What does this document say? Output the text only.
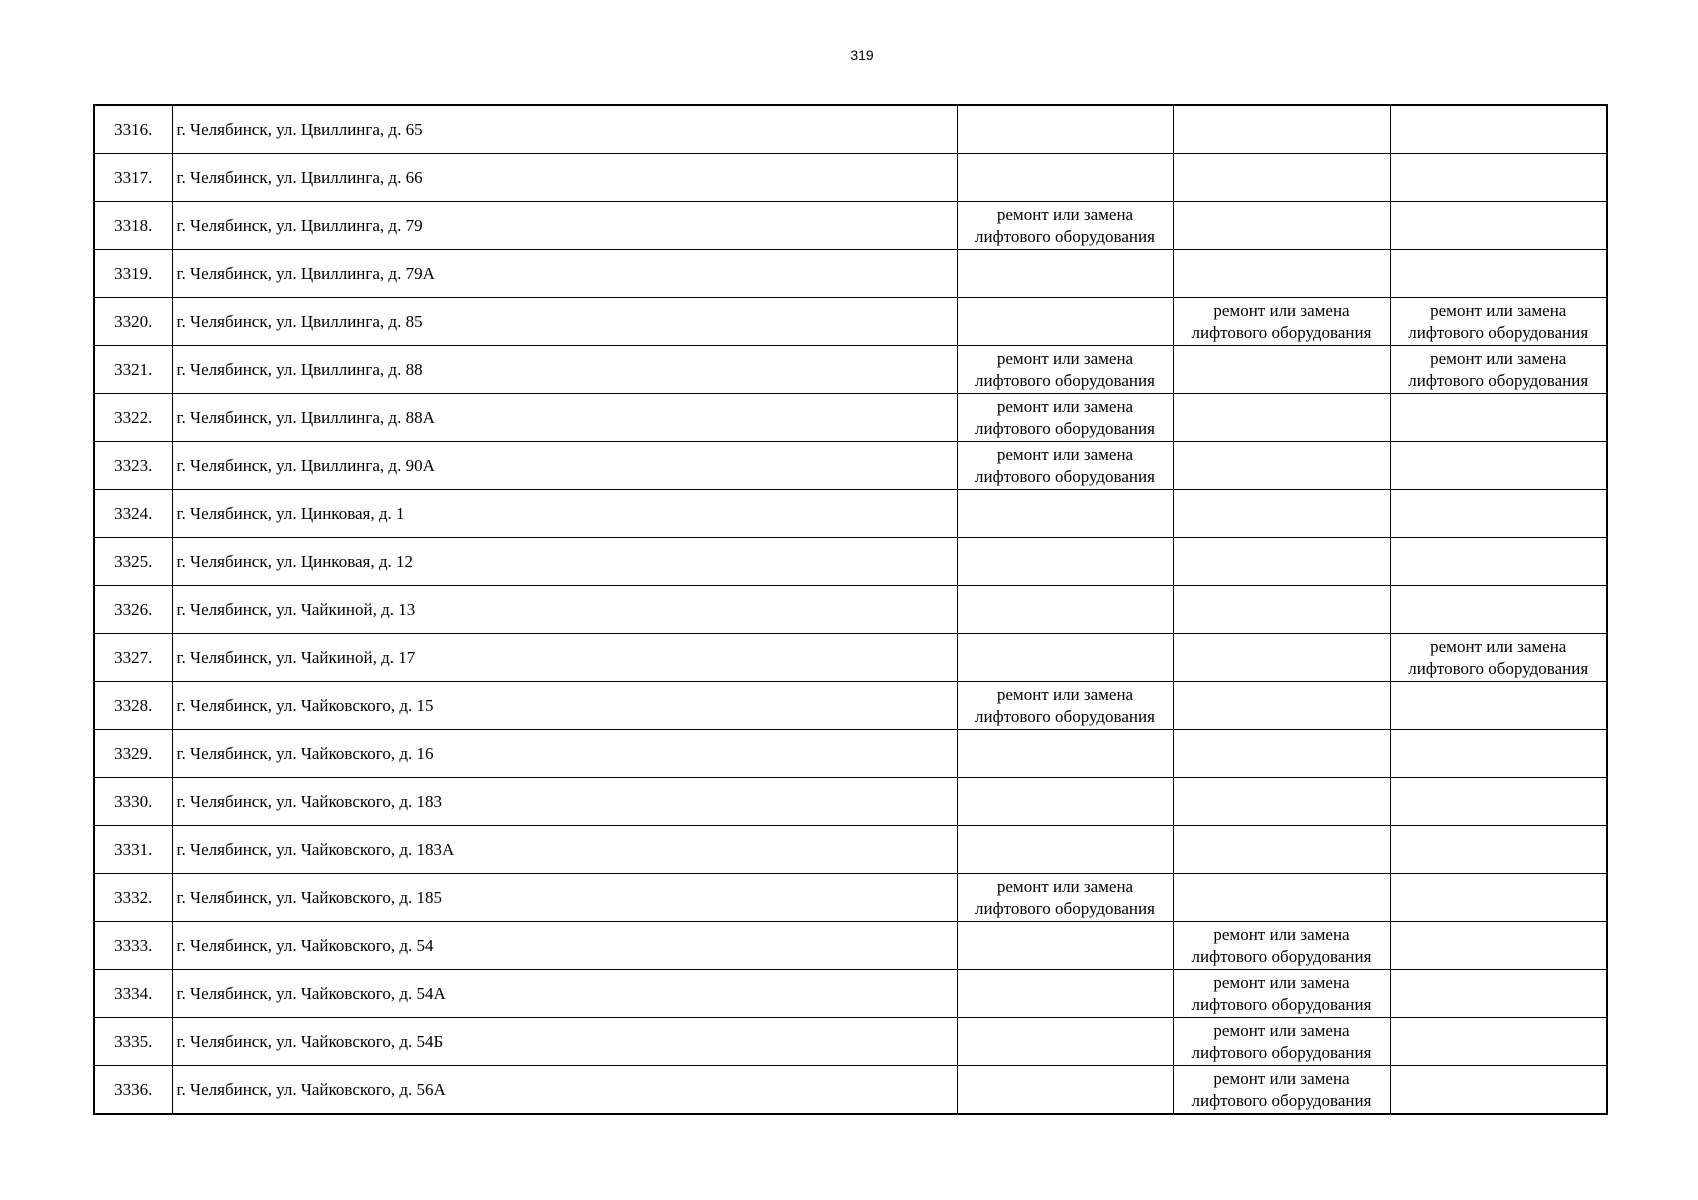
319
3316.	г. Челябинск, ул. Цвиллинга, д. 65			
3317.	г. Челябинск, ул. Цвиллинга, д. 66			
3318.	г. Челябинск, ул. Цвиллинга, д. 79	ремонт или замена лифтового оборудования		
3319.	г. Челябинск, ул. Цвиллинга, д. 79А			
3320.	г. Челябинск, ул. Цвиллинга, д. 85		ремонт или замена лифтового оборудования	ремонт или замена лифтового оборудования
3321.	г. Челябинск, ул. Цвиллинга, д. 88	ремонт или замена лифтового оборудования		ремонт или замена лифтового оборудования
3322.	г. Челябинск, ул. Цвиллинга, д. 88А	ремонт или замена лифтового оборудования		
3323.	г. Челябинск, ул. Цвиллинга, д. 90А	ремонт или замена лифтового оборудования		
3324.	г. Челябинск, ул. Цинковая, д. 1			
3325.	г. Челябинск, ул. Цинковая, д. 12			
3326.	г. Челябинск, ул. Чайкиной, д. 13			
3327.	г. Челябинск, ул. Чайкиной, д. 17			ремонт или замена лифтового оборудования
3328.	г. Челябинск, ул. Чайковского, д. 15	ремонт или замена лифтового оборудования		
3329.	г. Челябинск, ул. Чайковского, д. 16			
3330.	г. Челябинск, ул. Чайковского, д. 183			
3331.	г. Челябинск, ул. Чайковского, д. 183А			
3332.	г. Челябинск, ул. Чайковского, д. 185	ремонт или замена лифтового оборудования		
3333.	г. Челябинск, ул. Чайковского, д. 54		ремонт или замена лифтового оборудования	
3334.	г. Челябинск, ул. Чайковского, д. 54А		ремонт или замена лифтового оборудования	
3335.	г. Челябинск, ул. Чайковского, д. 54Б		ремонт или замена лифтового оборудования	
3336.	г. Челябинск, ул. Чайковского, д. 56А		ремонт или замена лифтового оборудования	
